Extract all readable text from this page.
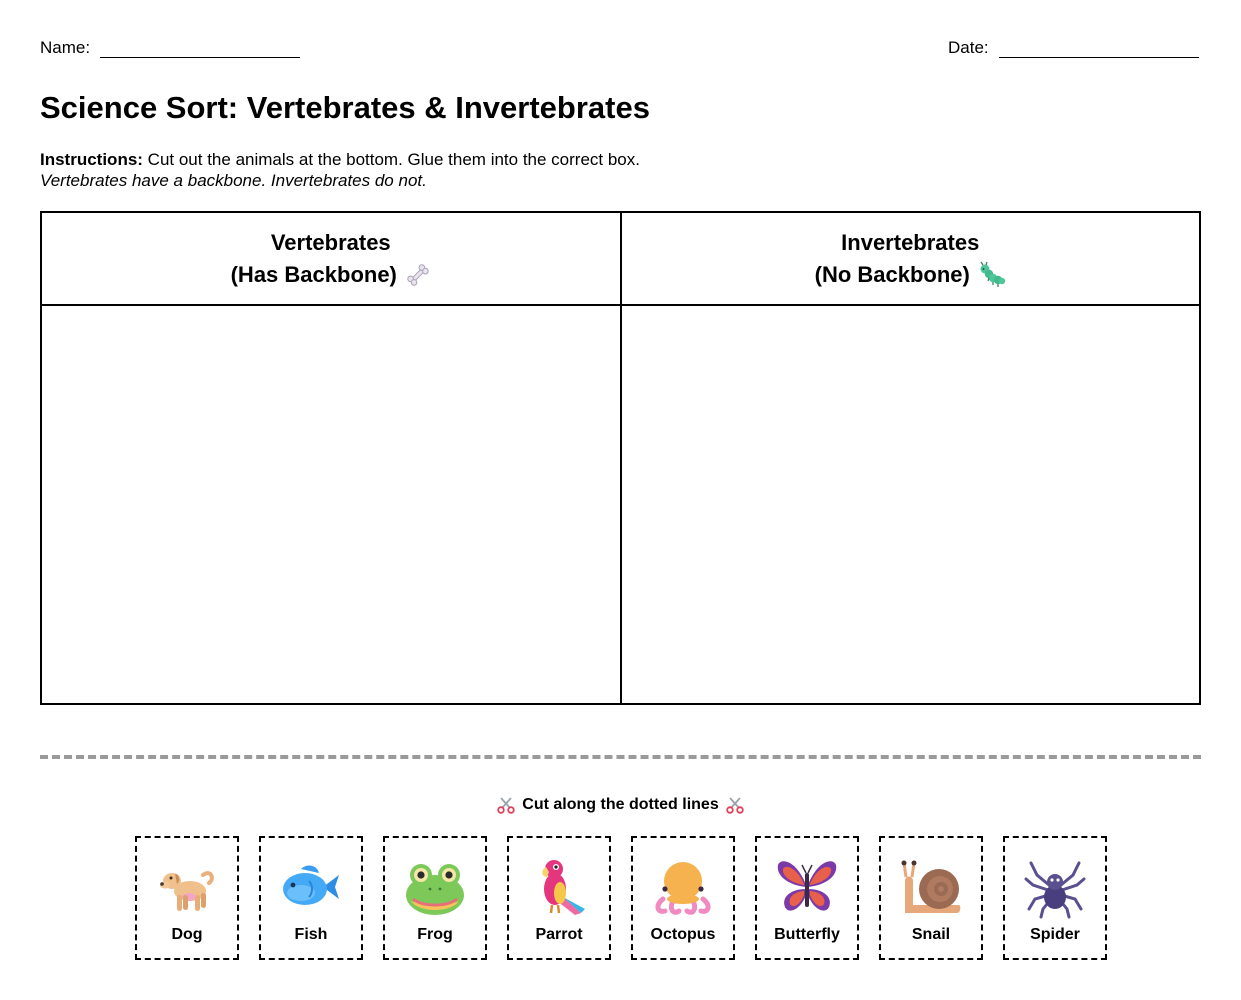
Name:	Date:
Science Sort: Vertebrates & Invertebrates
Instructions: Cut out the animals at the bottom. Glue them into the correct box.
Vertebrates have a backbone. Invertebrates do not.
Vertebrates
(Has Backbone)
Invertebrates
(No Backbone)
Cut along the dotted lines
Dog	Fish	Frog	Parrot	Octopus	Butterfly	Snail	Spider
